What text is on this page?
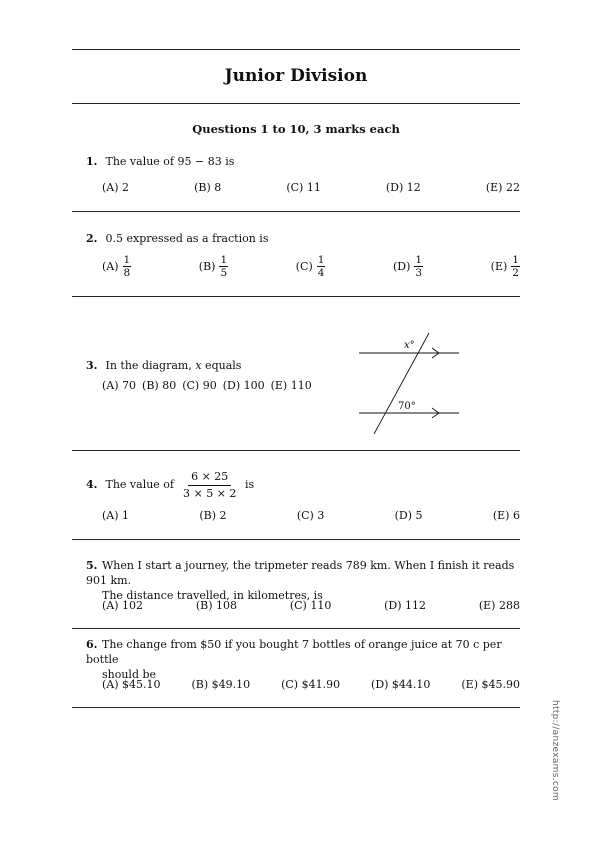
Junior Division
Questions 1 to 10, 3 marks each
1. The value of 95 − 83 is
(A) 2	(B) 8	(C) 11	(D) 12	(E) 22
2. 0.5 expressed as a fraction is
$(A) \frac{1}{8}$	$(B) \frac{1}{5}$	$(C) \frac{1}{4}$	$(D) \frac{1}{3}$	$(E) \frac{1}{2}$
3. In the diagram, x equals
(A) 70 (B) 80 (C) 90 (D) 100 (E) 110
x°
70°
4. The value of $\frac{6 \times 25}{3 \times 5 \times 2}$ is
(A) 1	(B) 2	(C) 3	(D) 5	(E) 6
5. When I start a journey, the tripmeter reads 789 km. When I finish it reads 901 km.
The distance travelled, in kilometres, is
(A) 102	(B) 108	(C) 110	(D) 112	(E) 288
6. The change from $50 if you bought 7 bottles of orange juice at 70 c per bottle
should be
(A) $45.10	(B) $49.10	(C) $41.90	(D) $44.10	(E) $45.90
http://anzexams.com
